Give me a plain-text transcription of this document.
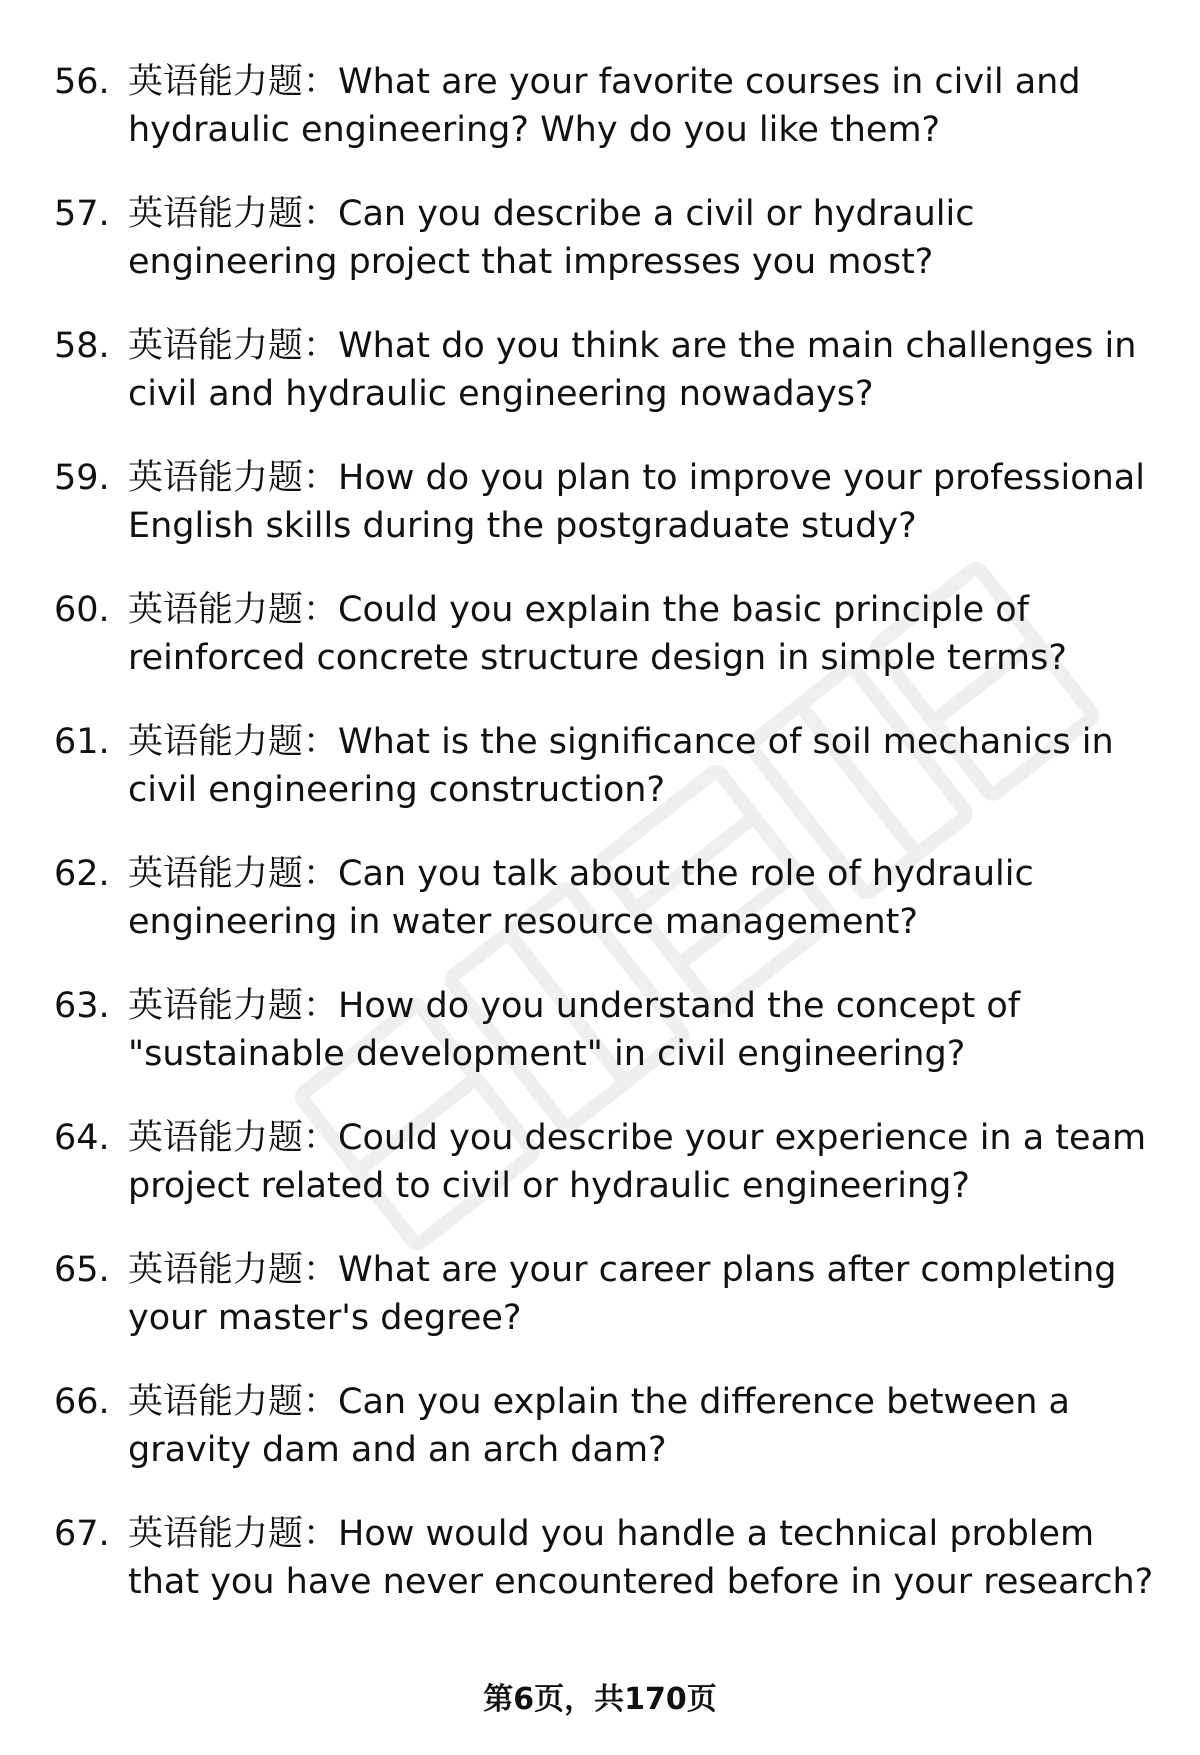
56. 英语能力题：What are your favorite courses in civil and hydraulic engineering? Why do you like them?
57. 英语能力题：Can you describe a civil or hydraulic engineering project that impresses you most?
58. 英语能力题：What do you think are the main challenges in civil and hydraulic engineering nowadays?
59. 英语能力题：How do you plan to improve your professional English skills during the postgraduate study?
60. 英语能力题：Could you explain the basic principle of reinforced concrete structure design in simple terms?
61. 英语能力题：What is the significance of soil mechanics in civil engineering construction?
62. 英语能力题：Can you talk about the role of hydraulic engineering in water resource management?
63. 英语能力题：How do you understand the concept of "sustainable development" in civil engineering?
64. 英语能力题：Could you describe your experience in a team project related to civil or hydraulic engineering?
65. 英语能力题：What are your career plans after completing your master's degree?
66. 英语能力题：Can you explain the difference between a gravity dam and an arch dam?
67. 英语能力题：How would you handle a technical problem that you have never encountered before in your research?
第6页，共170页
